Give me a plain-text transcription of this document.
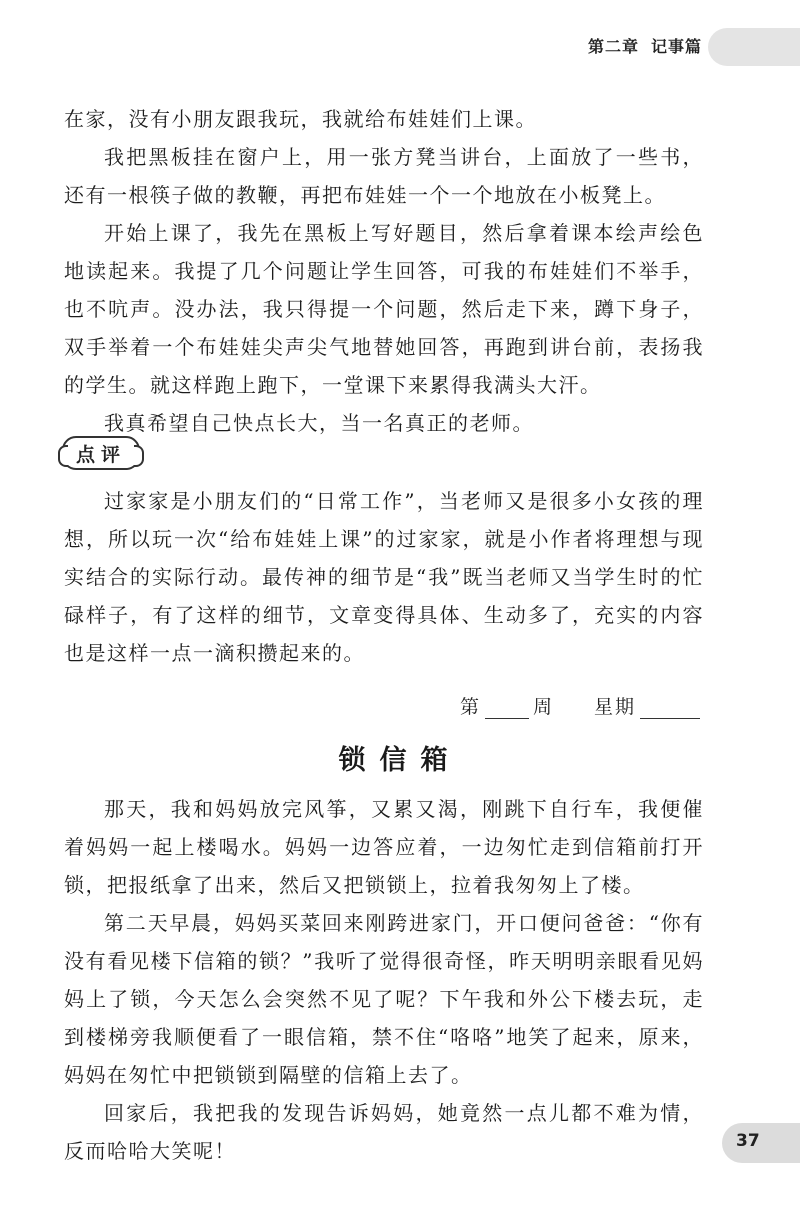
第二章 记事篇

在家，没有小朋友跟我玩，我就给布娃娃们上课。

我把黑板挂在窗户上，用一张方凳当讲台，上面放了一些书，还有一根筷子做的教鞭，再把布娃娃一个一个地放在小板凳上。

开始上课了，我先在黑板上写好题目，然后拿着课本绘声绘色地读起来。我提了几个问题让学生回答，可我的布娃娃们不举手，也不吭声。没办法，我只得提一个问题，然后走下来，蹲下身子，双手举着一个布娃娃尖声尖气地替她回答，再跑到讲台前，表扬我的学生。就这样跑上跑下，一堂课下来累得我满头大汗。

我真希望自己快点长大，当一名真正的老师。

点评

过家家是小朋友们的“日常工作”，当老师又是很多小女孩的理想，所以玩一次“给布娃娃上课”的过家家，就是小作者将理想与现实结合的实际行动。最传神的细节是“我”既当老师又当学生时的忙碌样子，有了这样的细节，文章变得具体、生动多了，充实的内容也是这样一点一滴积攒起来的。

第	周 星期
锁信箱

那天，我和妈妈放完风筝，又累又渴，刚跳下自行车，我便催着妈妈一起上楼喝水。妈妈一边答应着，一边匆忙走到信箱前打开锁，把报纸拿了出来，然后又把锁锁上，拉着我匆匆上了楼。

第二天早晨，妈妈买菜回来刚跨进家门，开口便问爸爸：“你有没有看见楼下信箱的锁？”我听了觉得很奇怪，昨天明明亲眼看见妈妈上了锁，今天怎么会突然不见了呢？下午我和外公下楼去玩，走到楼梯旁我顺便看了一眼信箱，禁不住“咯咯”地笑了起来，原来，妈妈在匆忙中把锁锁到隔壁的信箱上去了。

回家后，我把我的发现告诉妈妈，她竟然一点儿都不难为情，反而哈哈大笑呢！	37
